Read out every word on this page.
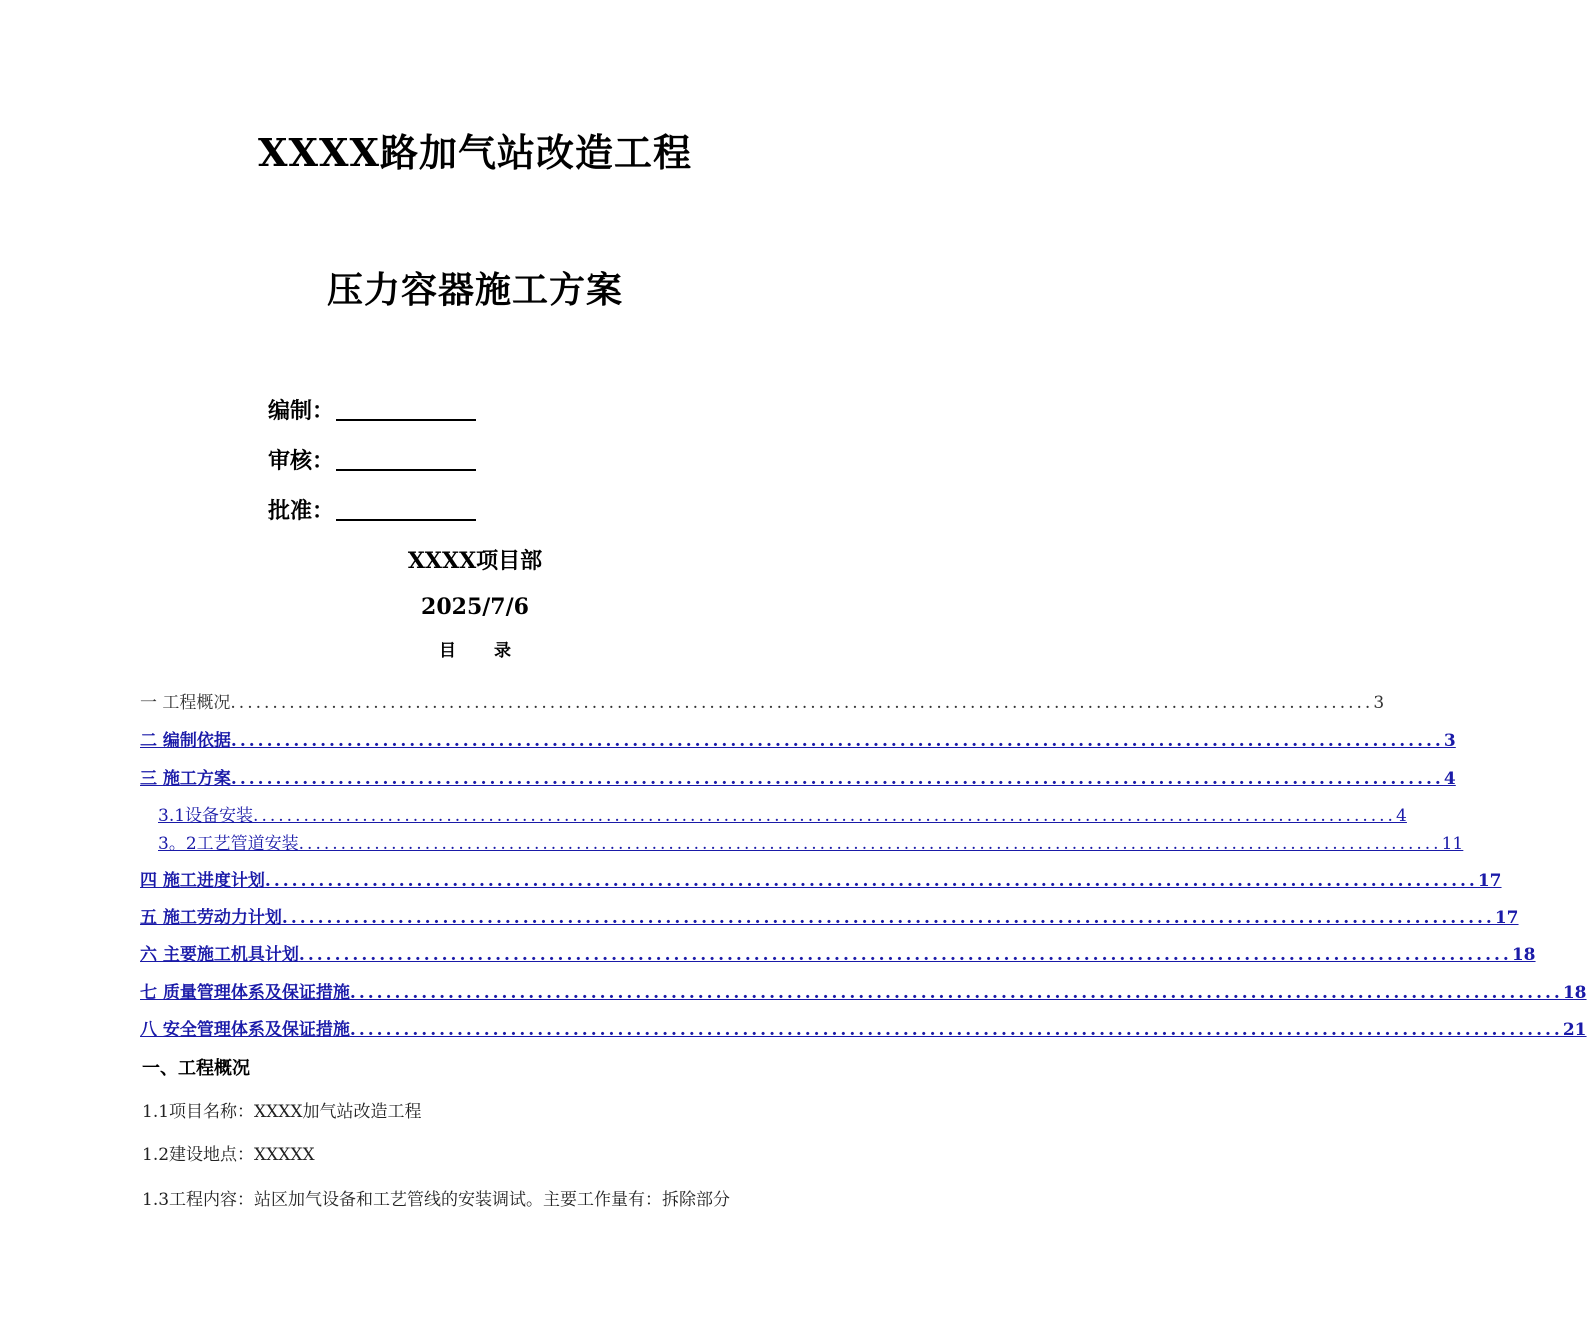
XXXX路加气站改造工程
压力容器施工方案
编制：
审核：
批准：
XXXX项目部
2025/7/6
目 录
一 工程概况 ........................................................................................................................................ 3
二 编制依据 ........................................................................................................................................ 3
三 施工方案 ........................................................................................................................................ 4
3.1设备安装 ........................................................................................................................................ 4
3。2工艺管道安装 ........................................................................................................................................ 11
四 施工进度计划 ........................................................................................................................................ 17
五 施工劳动力计划 ........................................................................................................................................ 17
六 主要施工机具计划 ........................................................................................................................................ 18
七 质量管理体系及保证措施 ........................................................................................................................................ 18
八 安全管理体系及保证措施 ........................................................................................................................................ 21
一、工程概况
1.1项目名称：XXXX加气站改造工程
1.2建设地点：XXXXX
1.3工程内容：站区加气设备和工艺管线的安装调试。主要工作量有：拆除部分
